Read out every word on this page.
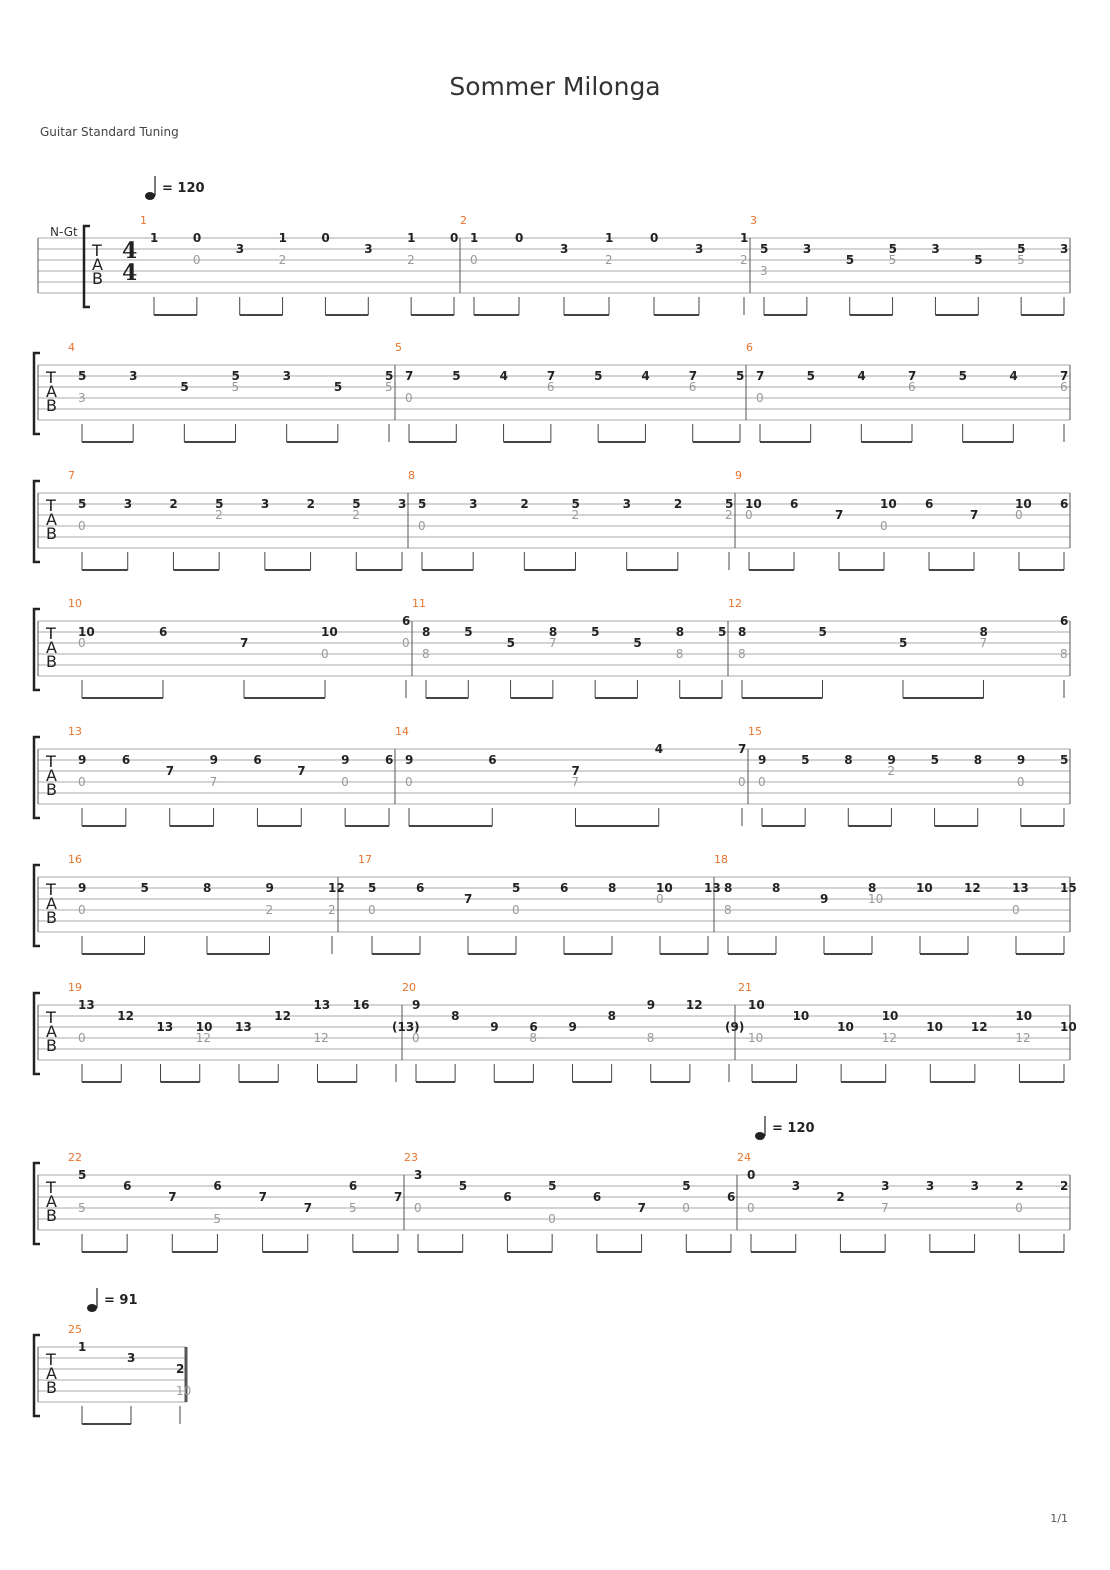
Sommer Milonga
Guitar Standard Tuning
1/1
T
A
B
N-Gt
4
4
1
1	0
0
3
1
2
0
3
1
2
0
2
1
0
0
3
1
2
0
3
1
2
3
5
3
3
5
5
5
3
5
5
5
3
T
A
B
4
5
3
3
5
5
5
3
5
5
5
5
7
0
5	4	7
6
5	4	7
6
5
6
7
0
5	4	7
6
5	4	7
6
T
A
B
7
5
0
3	2	5
2
3	2	5
2
3
8
5
0
3	2	5
2
3	2	5
2
9
10
0
6
7
10
0
6
7
10
0
6
T
A
B
10
10
0
6
7
10
0
6
0
11
8
8
5
5
8
7
5
5
8
8
5
12
8
8
5
5
8
7
6
8
T
A
B
13
9
0
6
7
9
7
6
7
9
0
6
14
9
0
6
7
7
4	7
0
15
9
0
5	8	9
2
5	8	9
0
5
T
A
B
16
9
0
5	8	9
2
12
2
17
5
0
6
7
5
0
6	8	10
0
13
18
8
8
8
9
8
10
10	12	13
0
15
T
A
B
19
13
0
12
13 10
12
13
12
13
12
16
(13)
20
9
0
8
9	6
8
9
8
9
8
12
(9)
21
10
10
10
10
10
12
10 12
10
12
10
T
A
B
22
5
5
6
7
6
5
7
7
6
5
7
23
3
0
5
6
5
0
6
7
5
0
6
24
0
0
3
2
3
7
3	3	2
0
2
T
A
B
25
1
3
2
10
= 120
= 120
= 91
